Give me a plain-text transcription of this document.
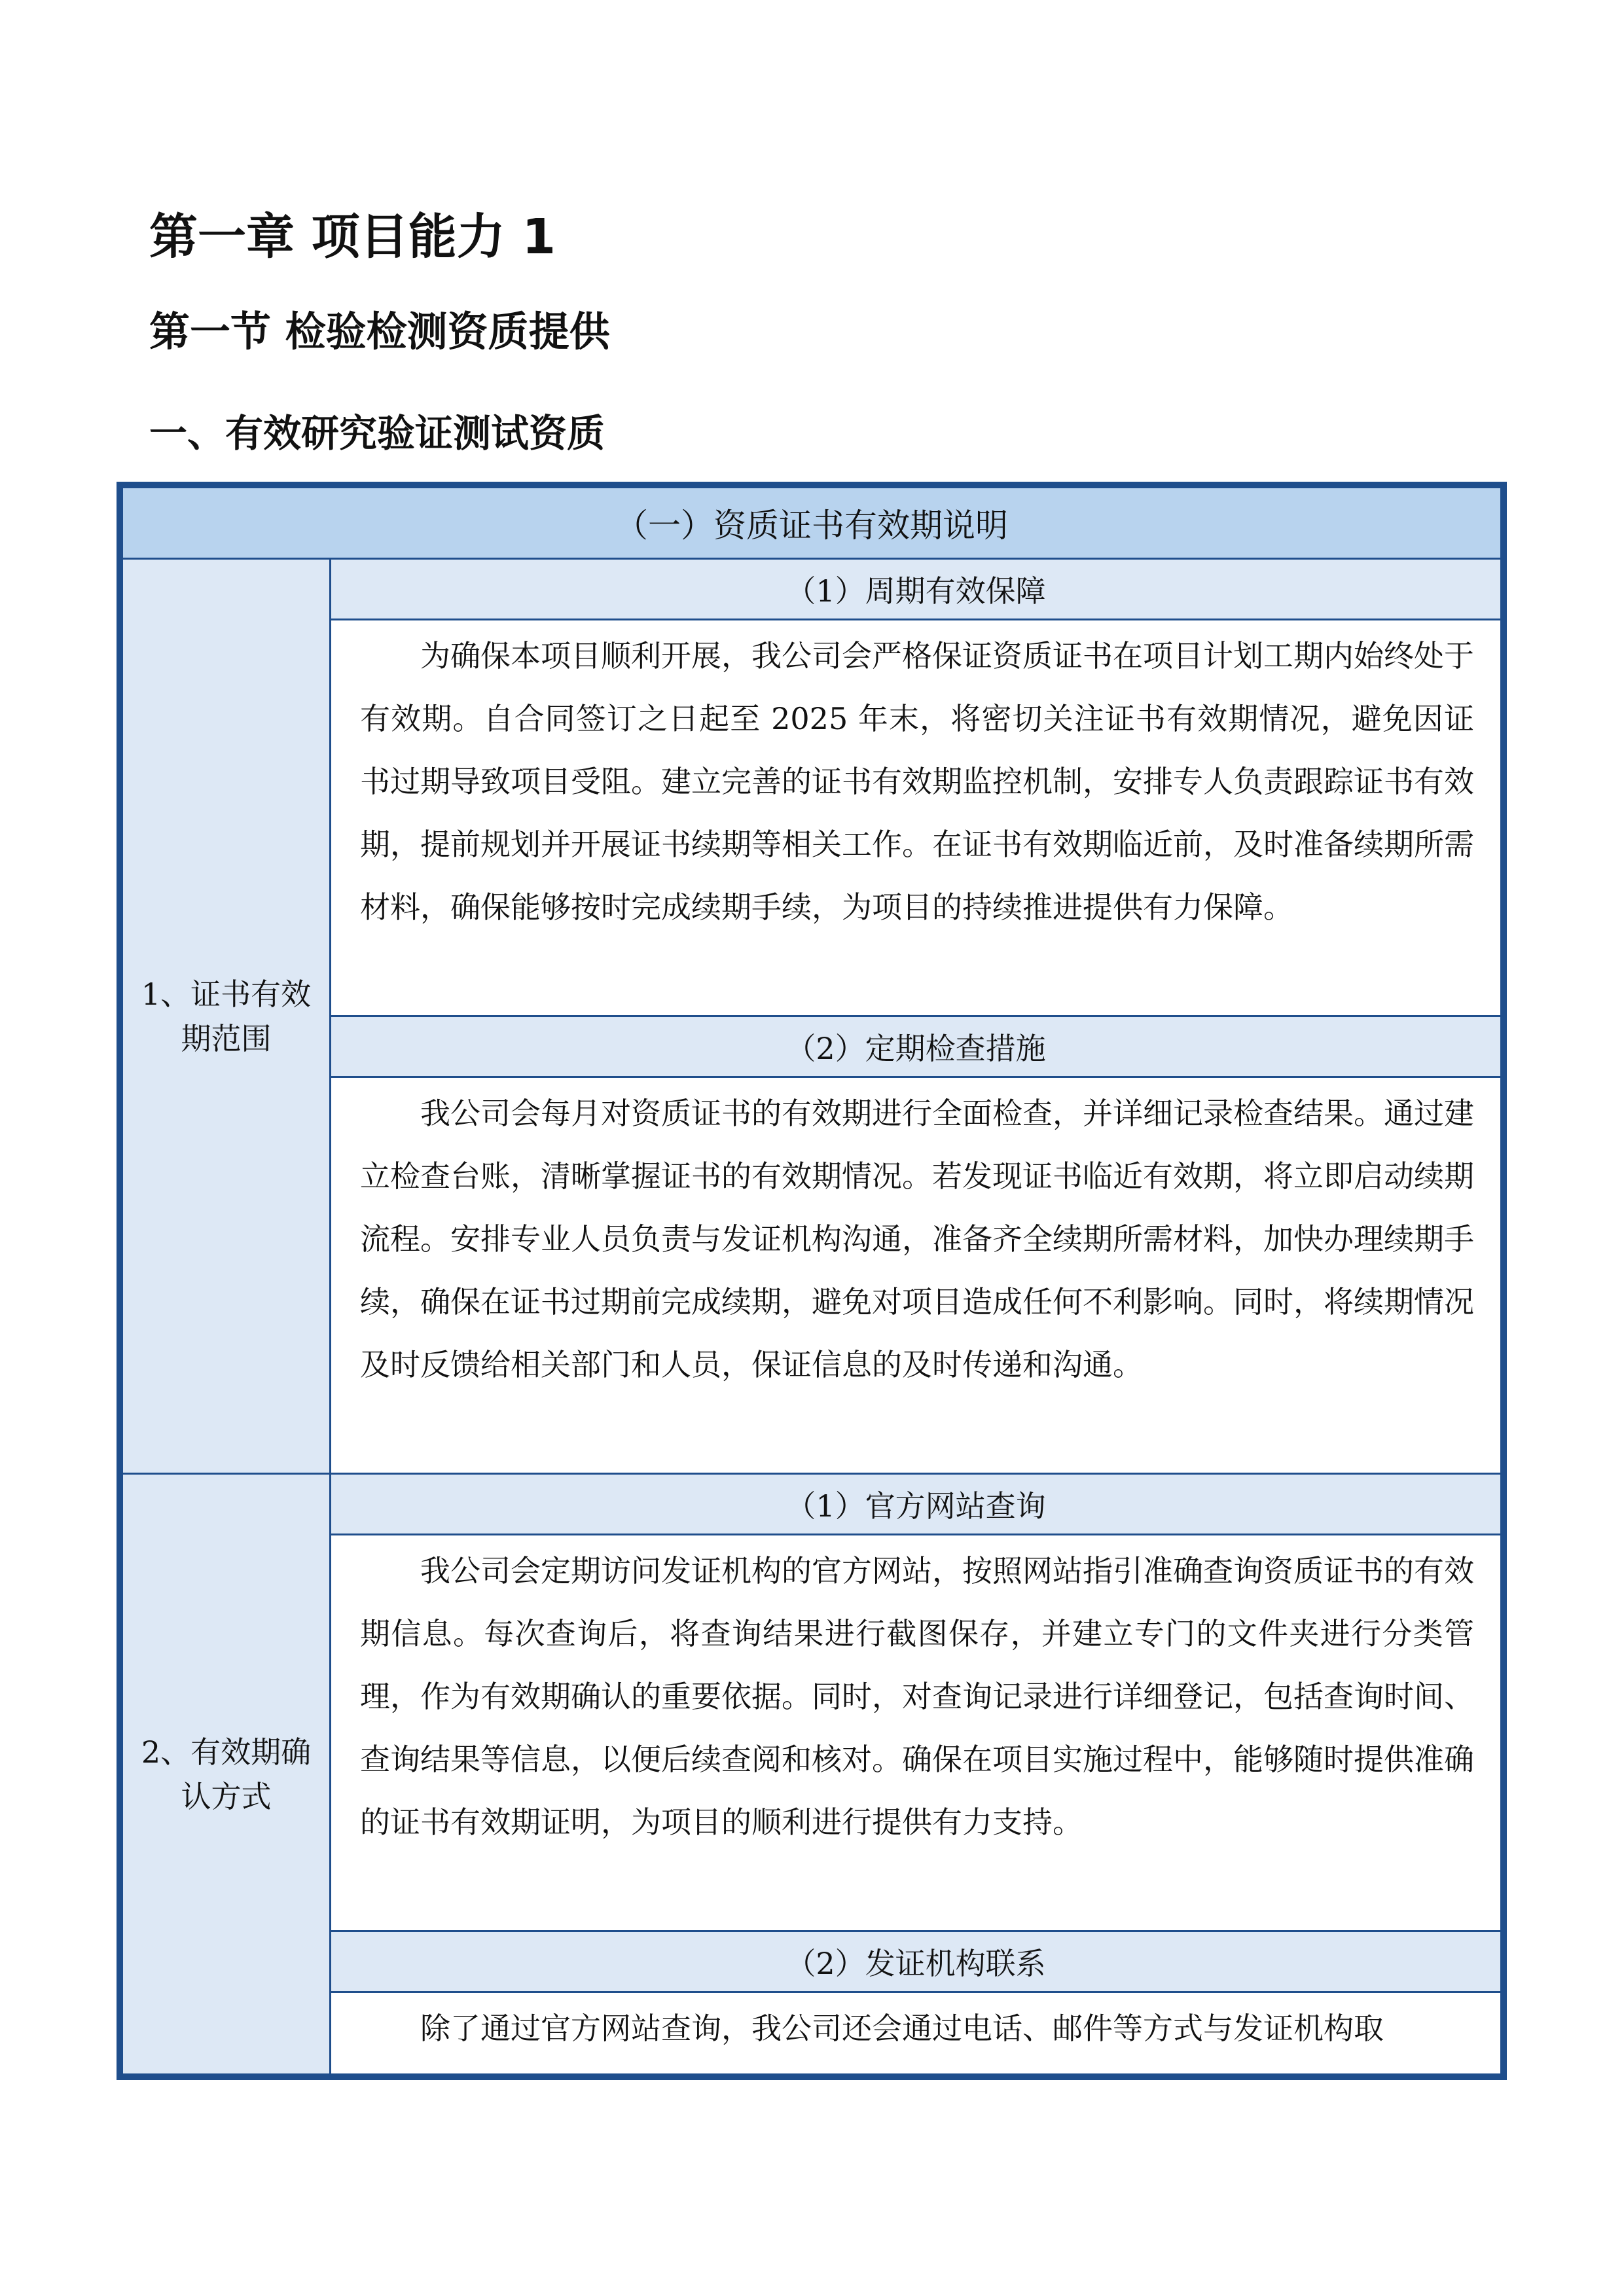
第一章 项目能力 1
第一节 检验检测资质提供
一、有效研究验证测试资质
（一）资质证书有效期说明	
1、证书有效期范围	（1）周期有效保障
	为确保本项目顺利开展，我公司会严格保证资质证书在项目计划工期内始终处于有效期。自合同签订之日起至 2025 年末，将密切关注证书有效期情况，避免因证书过期导致项目受阻。建立完善的证书有效期监控机制，安排专人负责跟踪证书有效期，提前规划并开展证书续期等相关工作。在证书有效期临近前，及时准备续期所需材料，确保能够按时完成续期手续，为项目的持续推进提供有力保障。
	（2）定期检查措施
	我公司会每月对资质证书的有效期进行全面检查，并详细记录检查结果。通过建立检查台账，清晰掌握证书的有效期情况。若发现证书临近有效期，将立即启动续期流程。安排专业人员负责与发证机构沟通，准备齐全续期所需材料，加快办理续期手续，确保在证书过期前完成续期，避免对项目造成任何不利影响。同时，将续期情况及时反馈给相关部门和人员，保证信息的及时传递和沟通。
2、有效期确认方式	（1）官方网站查询
	我公司会定期访问发证机构的官方网站，按照网站指引准确查询资质证书的有效期信息。每次查询后，将查询结果进行截图保存，并建立专门的文件夹进行分类管理，作为有效期确认的重要依据。同时，对查询记录进行详细登记，包括查询时间、查询结果等信息，以便后续查阅和核对。确保在项目实施过程中，能够随时提供准确的证书有效期证明，为项目的顺利进行提供有力支持。
	（2）发证机构联系
	除了通过官方网站查询，我公司还会通过电话、邮件等方式与发证机构取
